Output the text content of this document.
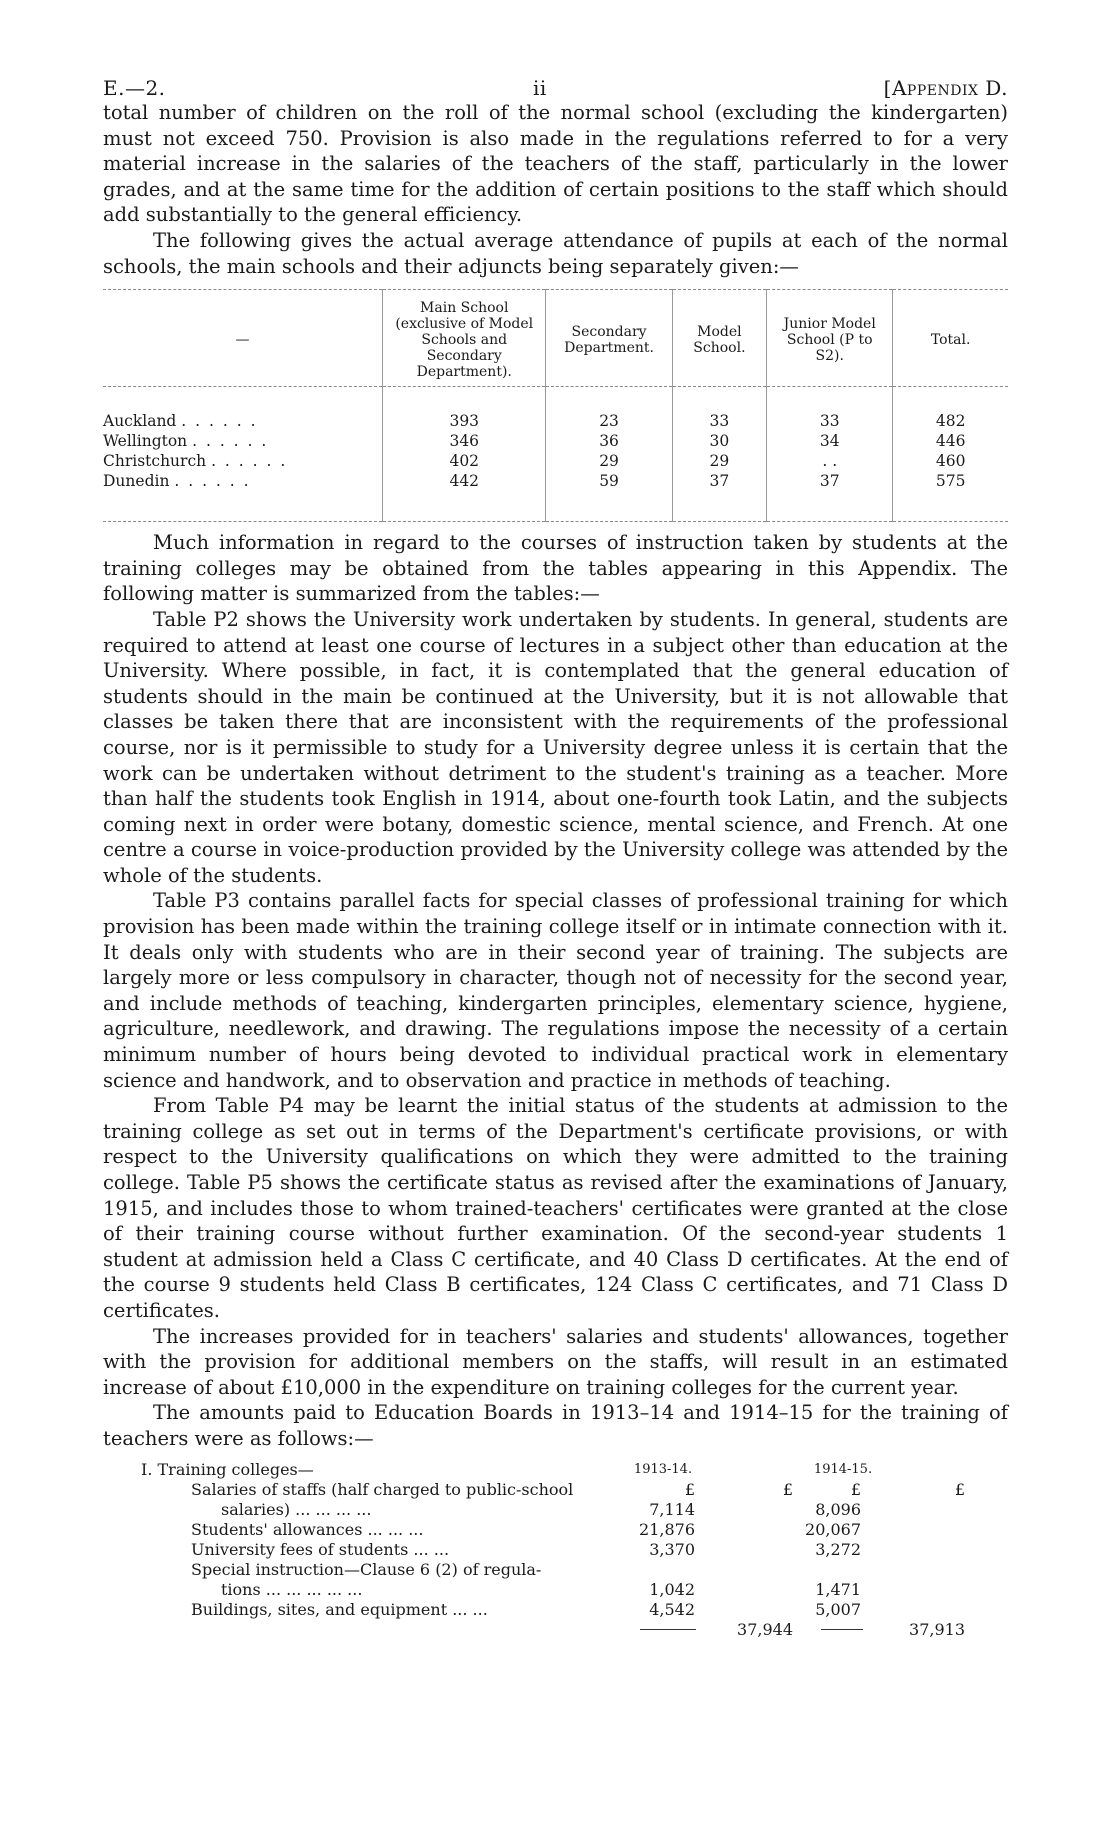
E.—2.	ii	[Appendix D.

total number of children on the roll of the normal school (excluding the kindergarten) must not exceed 750. Provision is also made in the regulations referred to for a very material increase in the salaries of the teachers of the staff, particularly in the lower grades, and at the same time for the addition of certain positions to the staff which should add substantially to the general efficiency.

The following gives the actual average attendance of pupils at each of the normal schools, the main schools and their adjuncts being separately given:—

—	Main School (exclusive of Model Schools and Secondary Department).	Secondary Department.	Model School.	Junior Model School (P to S2).	Total.
Auckland . . . . . .	393	23	33	33	482
Wellington . . . . . .	346	36	30	34	446
Christchurch . . . . . .	402	29	29	. .	460
Dunedin . . . . . .	442	59	37	37	575

Much information in regard to the courses of instruction taken by students at the training colleges may be obtained from the tables appearing in this Appendix. The following matter is summarized from the tables:—

Table P2 shows the University work undertaken by students. In general, students are required to attend at least one course of lectures in a subject other than education at the University. Where possible, in fact, it is contemplated that the general education of students should in the main be continued at the University, but it is not allowable that classes be taken there that are inconsistent with the requirements of the professional course, nor is it permissible to study for a University degree unless it is certain that the work can be undertaken without detriment to the student's training as a teacher. More than half the students took English in 1914, about one-fourth took Latin, and the subjects coming next in order were botany, domestic science, mental science, and French. At one centre a course in voice-production provided by the University college was attended by the whole of the students.

Table P3 contains parallel facts for special classes of professional training for which provision has been made within the training college itself or in intimate connection with it. It deals only with students who are in their second year of training. The subjects are largely more or less compulsory in character, though not of necessity for the second year, and include methods of teaching, kindergarten principles, elementary science, hygiene, agriculture, needlework, and drawing. The regulations impose the necessity of a certain minimum number of hours being devoted to individual practical work in elementary science and handwork, and to observation and practice in methods of teaching.

From Table P4 may be learnt the initial status of the students at admission to the training college as set out in terms of the Department's certificate provisions, or with respect to the University qualifications on which they were admitted to the training college. Table P5 shows the certificate status as revised after the examinations of January, 1915, and includes those to whom trained-teachers' certificates were granted at the close of their training course without further examination. Of the second-year students 1 student at admission held a Class C certificate, and 40 Class D certificates. At the end of the course 9 students held Class B certificates, 124 Class C certificates, and 71 Class D certificates.

The increases provided for in teachers' salaries and students' allowances, together with the provision for additional members on the staffs, will result in an estimated increase of about £10,000 in the expenditure on training colleges for the current year.

The amounts paid to Education Boards in 1913–14 and 1914–15 for the training of teachers were as follows:—

I. Training colleges—	1913-14.	1914-15.
Salaries of staffs (half charged to public-school	£	£	£	£
salaries) ... ... ... ...	7,114	8,096
Students' allowances ... ... ...	21,876	20,067
University fees of students ... ...	3,370	3,272
Special instruction—Clause 6 (2) of regula-
tions ... ... ... ... ...	1,042	1,471
Buildings, sites, and equipment ... ...	4,542	5,007
37,944	37,913
